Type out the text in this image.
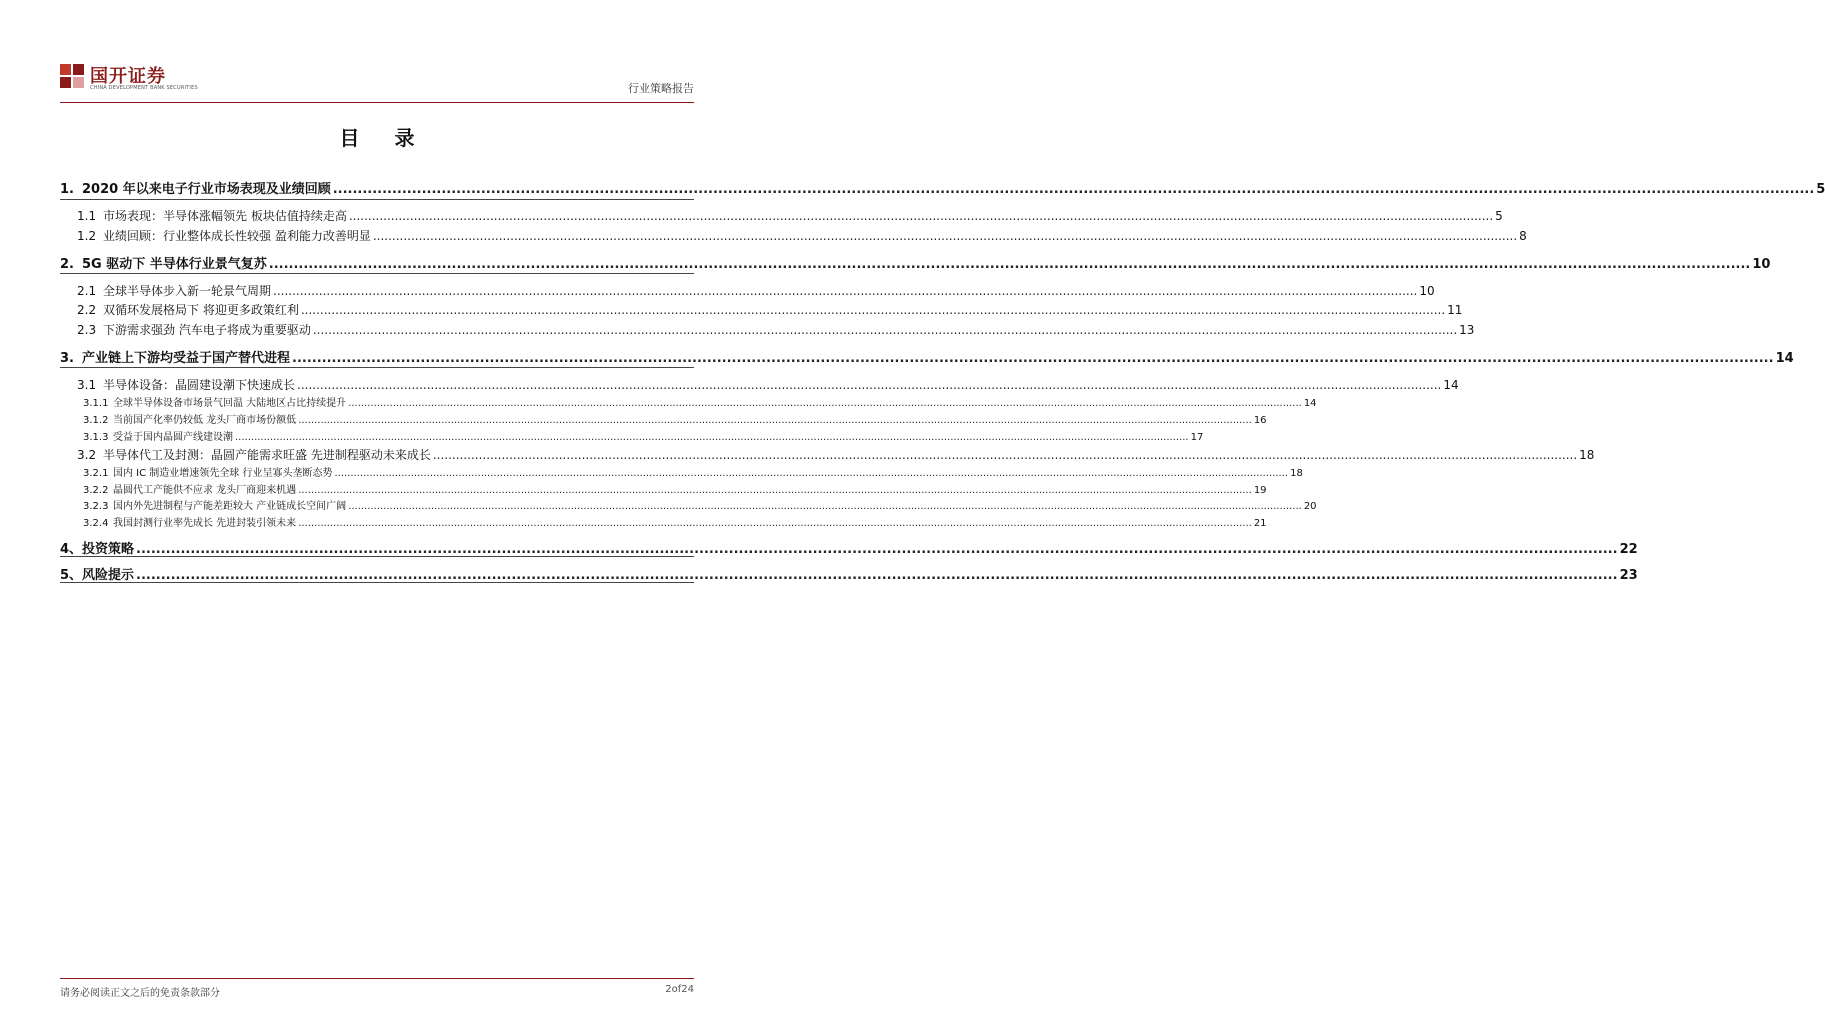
国开证券
CHINA DEVELOPMENT BANK SECURITIES	行业策略报告
目 录
1. 2020 年以来电子行业市场表现及业绩回顾 ............................................................................................................................................................................................................................................................................................................ 5
1.1 市场表现：半导体涨幅领先 板块估值持续走高 ............................................................................................................................................................................................................................................................................................................ 5
1.2 业绩回顾：行业整体成长性较强 盈利能力改善明显 ............................................................................................................................................................................................................................................................................................................ 8
2. 5G 驱动下 半导体行业景气复苏 ............................................................................................................................................................................................................................................................................................................ 10
2.1 全球半导体步入新一轮景气周期 ............................................................................................................................................................................................................................................................................................................ 10
2.2 双循环发展格局下 将迎更多政策红利 ............................................................................................................................................................................................................................................................................................................ 11
2.3 下游需求强劲 汽车电子将成为重要驱动 ............................................................................................................................................................................................................................................................................................................ 13
3. 产业链上下游均受益于国产替代进程 ............................................................................................................................................................................................................................................................................................................ 14
3.1 半导体设备：晶圆建设潮下快速成长 ............................................................................................................................................................................................................................................................................................................ 14
3.1.1 全球半导体设备市场景气回温 大陆地区占比持续提升 ............................................................................................................................................................................................................................................................................................................ 14
3.1.2 当前国产化率仍较低 龙头厂商市场份额低 ............................................................................................................................................................................................................................................................................................................ 16
3.1.3 受益于国内晶圆产线建设潮 ............................................................................................................................................................................................................................................................................................................ 17
3.2 半导体代工及封测：晶圆产能需求旺盛 先进制程驱动未来成长 ............................................................................................................................................................................................................................................................................................................ 18
3.2.1 国内 IC 制造业增速领先全球 行业呈寡头垄断态势 ............................................................................................................................................................................................................................................................................................................ 18
3.2.2 晶圆代工产能供不应求 龙头厂商迎来机遇 ............................................................................................................................................................................................................................................................................................................ 19
3.2.3 国内外先进制程与产能差距较大 产业链成长空间广阔 ............................................................................................................................................................................................................................................................................................................ 20
3.2.4 我国封测行业率先成长 先进封装引领未来 ............................................................................................................................................................................................................................................................................................................ 21
4、 投资策略 ............................................................................................................................................................................................................................................................................................................ 22
5、 风险提示 ............................................................................................................................................................................................................................................................................................................ 23
请务必阅读正文之后的免责条款部分	2of24
